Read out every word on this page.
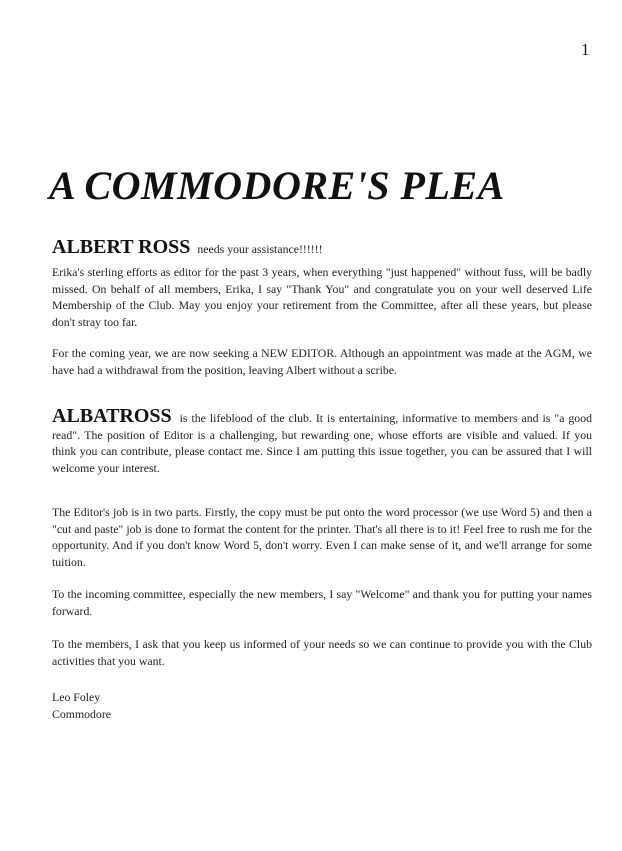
1
A COMMODORE'S PLEA

ALBERT ROSS needs your assistance!!!!!!

Erika's sterling efforts as editor for the past 3 years, when everything "just happened" without fuss, will be badly missed. On behalf of all members, Erika, I say "Thank You" and congratulate you on your well deserved Life Membership of the Club. May you enjoy your retirement from the Committee, after all these years, but please don't stray too far.

For the coming year, we are now seeking a NEW EDITOR. Although an appointment was made at the AGM, we have had a withdrawal from the position, leaving Albert without a scribe.

ALBATROSS is the lifeblood of the club. It is entertaining, informative to members and is "a good read". The position of Editor is a challenging, but rewarding one, whose efforts are visible and valued. If you think you can contribute, please contact me. Since I am putting this issue together, you can be assured that I will welcome your interest.

The Editor's job is in two parts. Firstly, the copy must be put onto the word processor (we use Word 5) and then a "cut and paste" job is done to format the content for the printer. That's all there is to it! Feel free to rush me for the opportunity. And if you don't know Word 5, don't worry. Even I can make sense of it, and we'll arrange for some tuition.

To the incoming committee, especially the new members, I say "Welcome" and thank you for putting your names forward.

To the members, I ask that you keep us informed of your needs so we can continue to provide you with the Club activities that you want.

Leo Foley
Commodore
